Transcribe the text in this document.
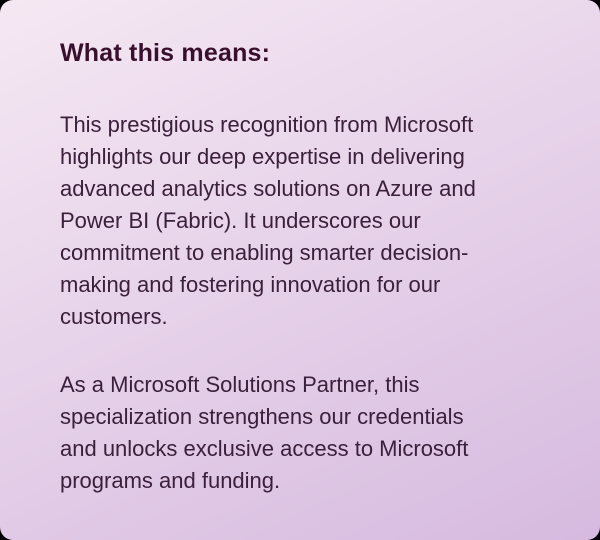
What this means:
This prestigious recognition from Microsoft
highlights our deep expertise in delivering
advanced analytics solutions on Azure and
Power BI (Fabric). It underscores our
commitment to enabling smarter decision-
making and fostering innovation for our
customers.
As a Microsoft Solutions Partner, this
specialization strengthens our credentials
and unlocks exclusive access to Microsoft
programs and funding.
